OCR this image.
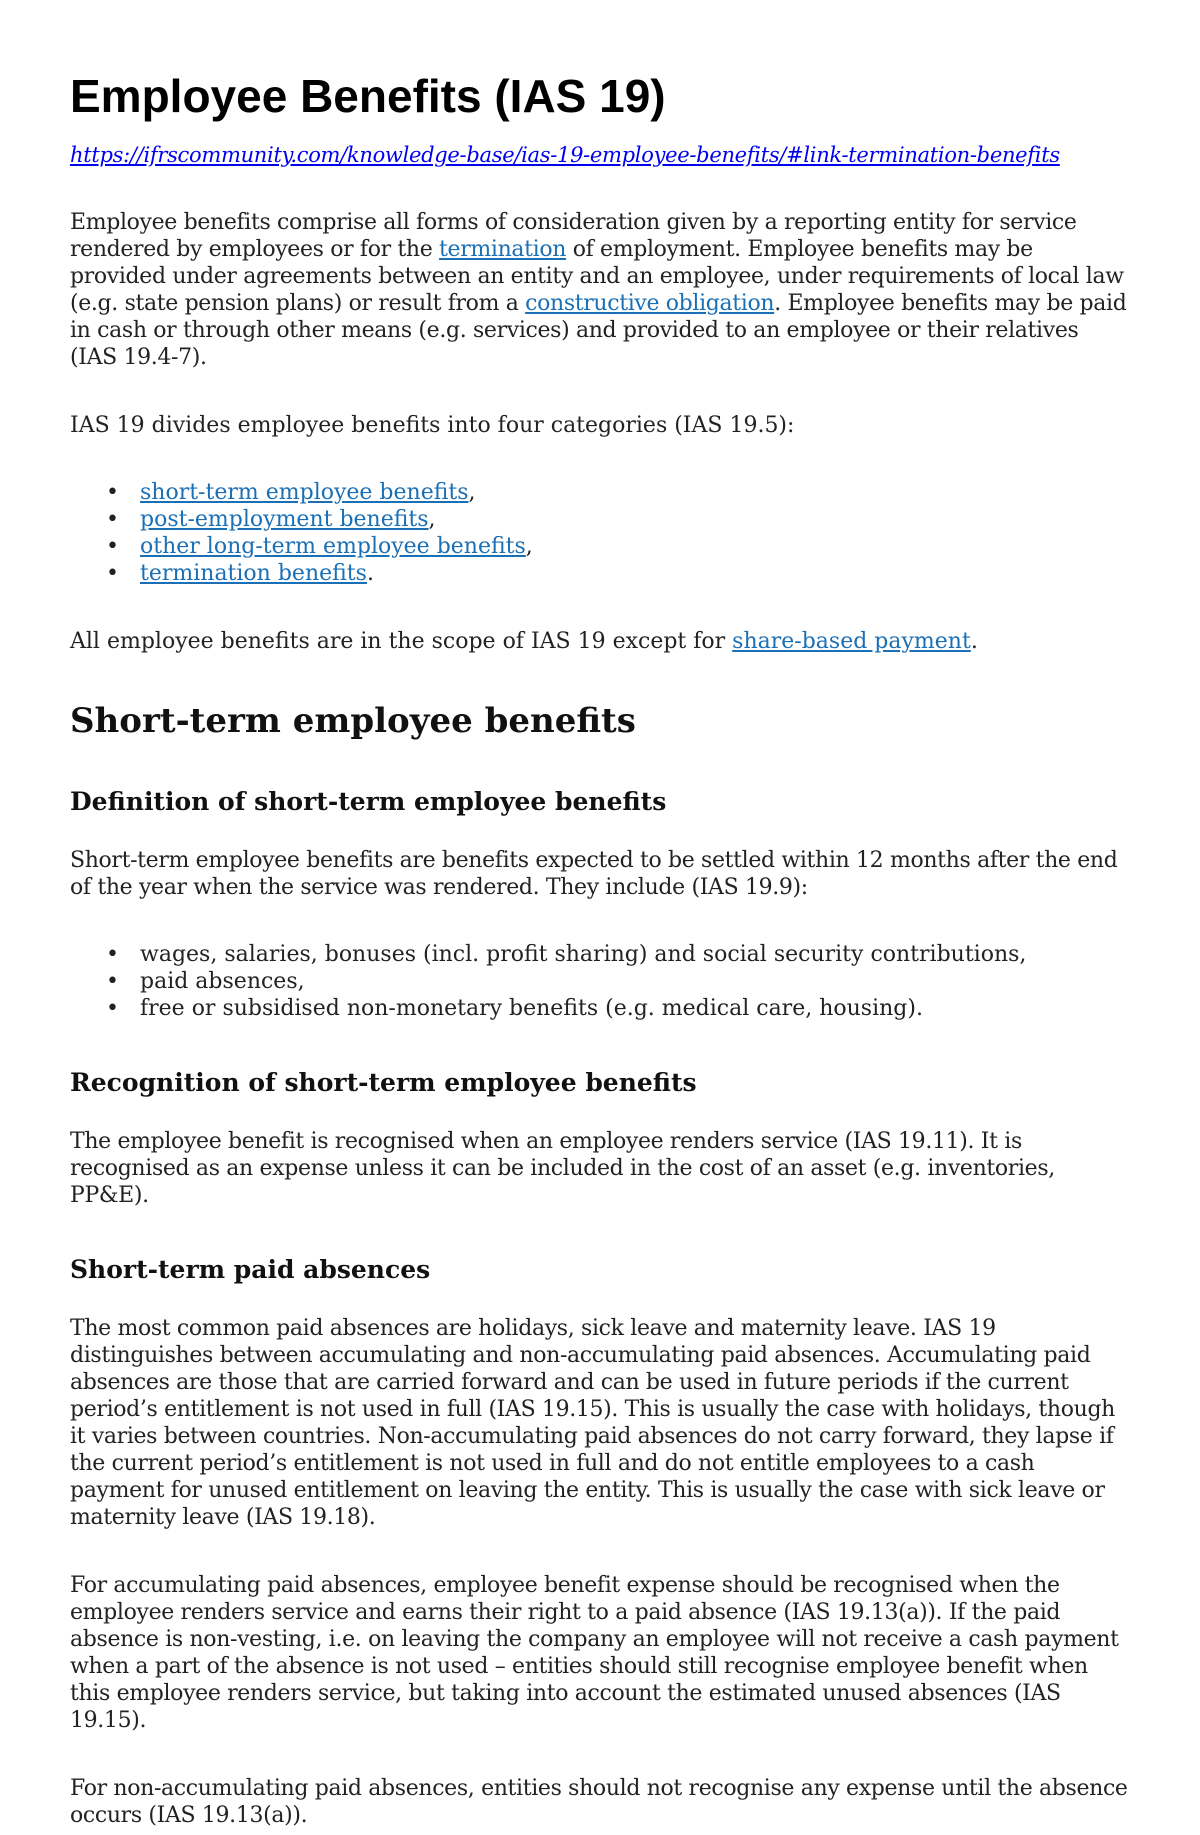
Employee Benefits (IAS 19)
https://ifrscommunity.com/knowledge-base/ias-19-employee-benefits/#link-termination-benefits

Employee benefits comprise all forms of consideration given by a reporting entity for service rendered by employees or for the termination of employment. Employee benefits may be provided under agreements between an entity and an employee, under requirements of local law (e.g. state pension plans) or result from a constructive obligation. Employee benefits may be paid in cash or through other means (e.g. services) and provided to an employee or their relatives (IAS 19.4-7).

IAS 19 divides employee benefits into four categories (IAS 19.5):

• short-term employee benefits,
• post-employment benefits,
• other long-term employee benefits,
• termination benefits.

All employee benefits are in the scope of IAS 19 except for share-based payment.

Short-term employee benefits
Definition of short-term employee benefits

Short-term employee benefits are benefits expected to be settled within 12 months after the end of the year when the service was rendered. They include (IAS 19.9):

• wages, salaries, bonuses (incl. profit sharing) and social security contributions,
• paid absences,
• free or subsidised non-monetary benefits (e.g. medical care, housing).
Recognition of short-term employee benefits

The employee benefit is recognised when an employee renders service (IAS 19.11). It is recognised as an expense unless it can be included in the cost of an asset (e.g. inventories, PP&E).

Short-term paid absences

The most common paid absences are holidays, sick leave and maternity leave. IAS 19 distinguishes between accumulating and non-accumulating paid absences. Accumulating paid absences are those that are carried forward and can be used in future periods if the current period’s entitlement is not used in full (IAS 19.15). This is usually the case with holidays, though it varies between countries. Non-accumulating paid absences do not carry forward, they lapse if the current period’s entitlement is not used in full and do not entitle employees to a cash payment for unused entitlement on leaving the entity. This is usually the case with sick leave or maternity leave (IAS 19.18).

For accumulating paid absences, employee benefit expense should be recognised when the employee renders service and earns their right to a paid absence (IAS 19.13(a)). If the paid absence is non-vesting, i.e. on leaving the company an employee will not receive a cash payment when a part of the absence is not used – entities should still recognise employee benefit when this employee renders service, but taking into account the estimated unused absences (IAS 19.15).

For non-accumulating paid absences, entities should not recognise any expense until the absence occurs (IAS 19.13(a)).
